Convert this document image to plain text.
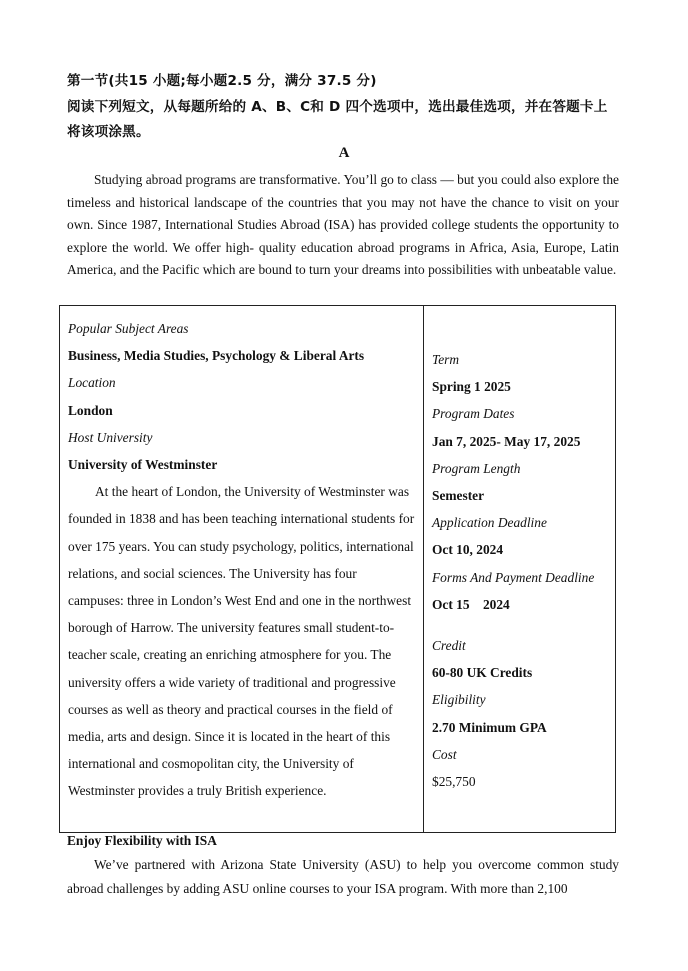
第一节(共15 小题;每小题2.5 分，满分 37.5 分)
阅读下列短文，从每题所给的 A、B、C和 D 四个选项中，选出最佳选项，并在答题卡上
将该项涂黑。
A

Studying abroad programs are transformative. You’ll go to class — but you could also explore the timeless and historical landscape of the countries that you may not have the chance to visit on your own. Since 1987, International Studies Abroad (ISA) has provided college students the opportunity to explore the world. We offer high- quality education abroad programs in Africa, Asia, Europe, Latin America, and the Pacific which are bound to turn your dreams into possibilities with unbeatable value.

Popular Subject Areas
Business, Media Studies, Psychology & Liberal Arts
Location
London
Host University
University of Westminster

At the heart of London, the University of Westminster was founded in 1838 and has been teaching international students for over 175 years. You can study psychology, politics, international relations, and social sciences. The University has four campuses: three in London’s West End and one in the northwest borough of Harrow. The university features small student-to-teacher scale, creating an enriching atmosphere for you. The university offers a wide variety of traditional and progressive courses as well as theory and practical courses in the field of media, arts and design. Since it is located in the heart of this international and cosmopolitan city, the University of Westminster provides a truly British experience.

Term
Spring 1 2025
Program Dates
Jan 7, 2025- May 17, 2025
Program Length
Semester
Application Deadline
Oct 10, 2024
Forms And Payment Deadline
Oct 15　2024
Credit
60-80 UK Credits
Eligibility
2.70 Minimum GPA
Cost
$25,750
Enjoy Flexibility with ISA

We’ve partnered with Arizona State University (ASU) to help you overcome common study abroad challenges by adding ASU online courses to your ISA program. With more than 2,100
